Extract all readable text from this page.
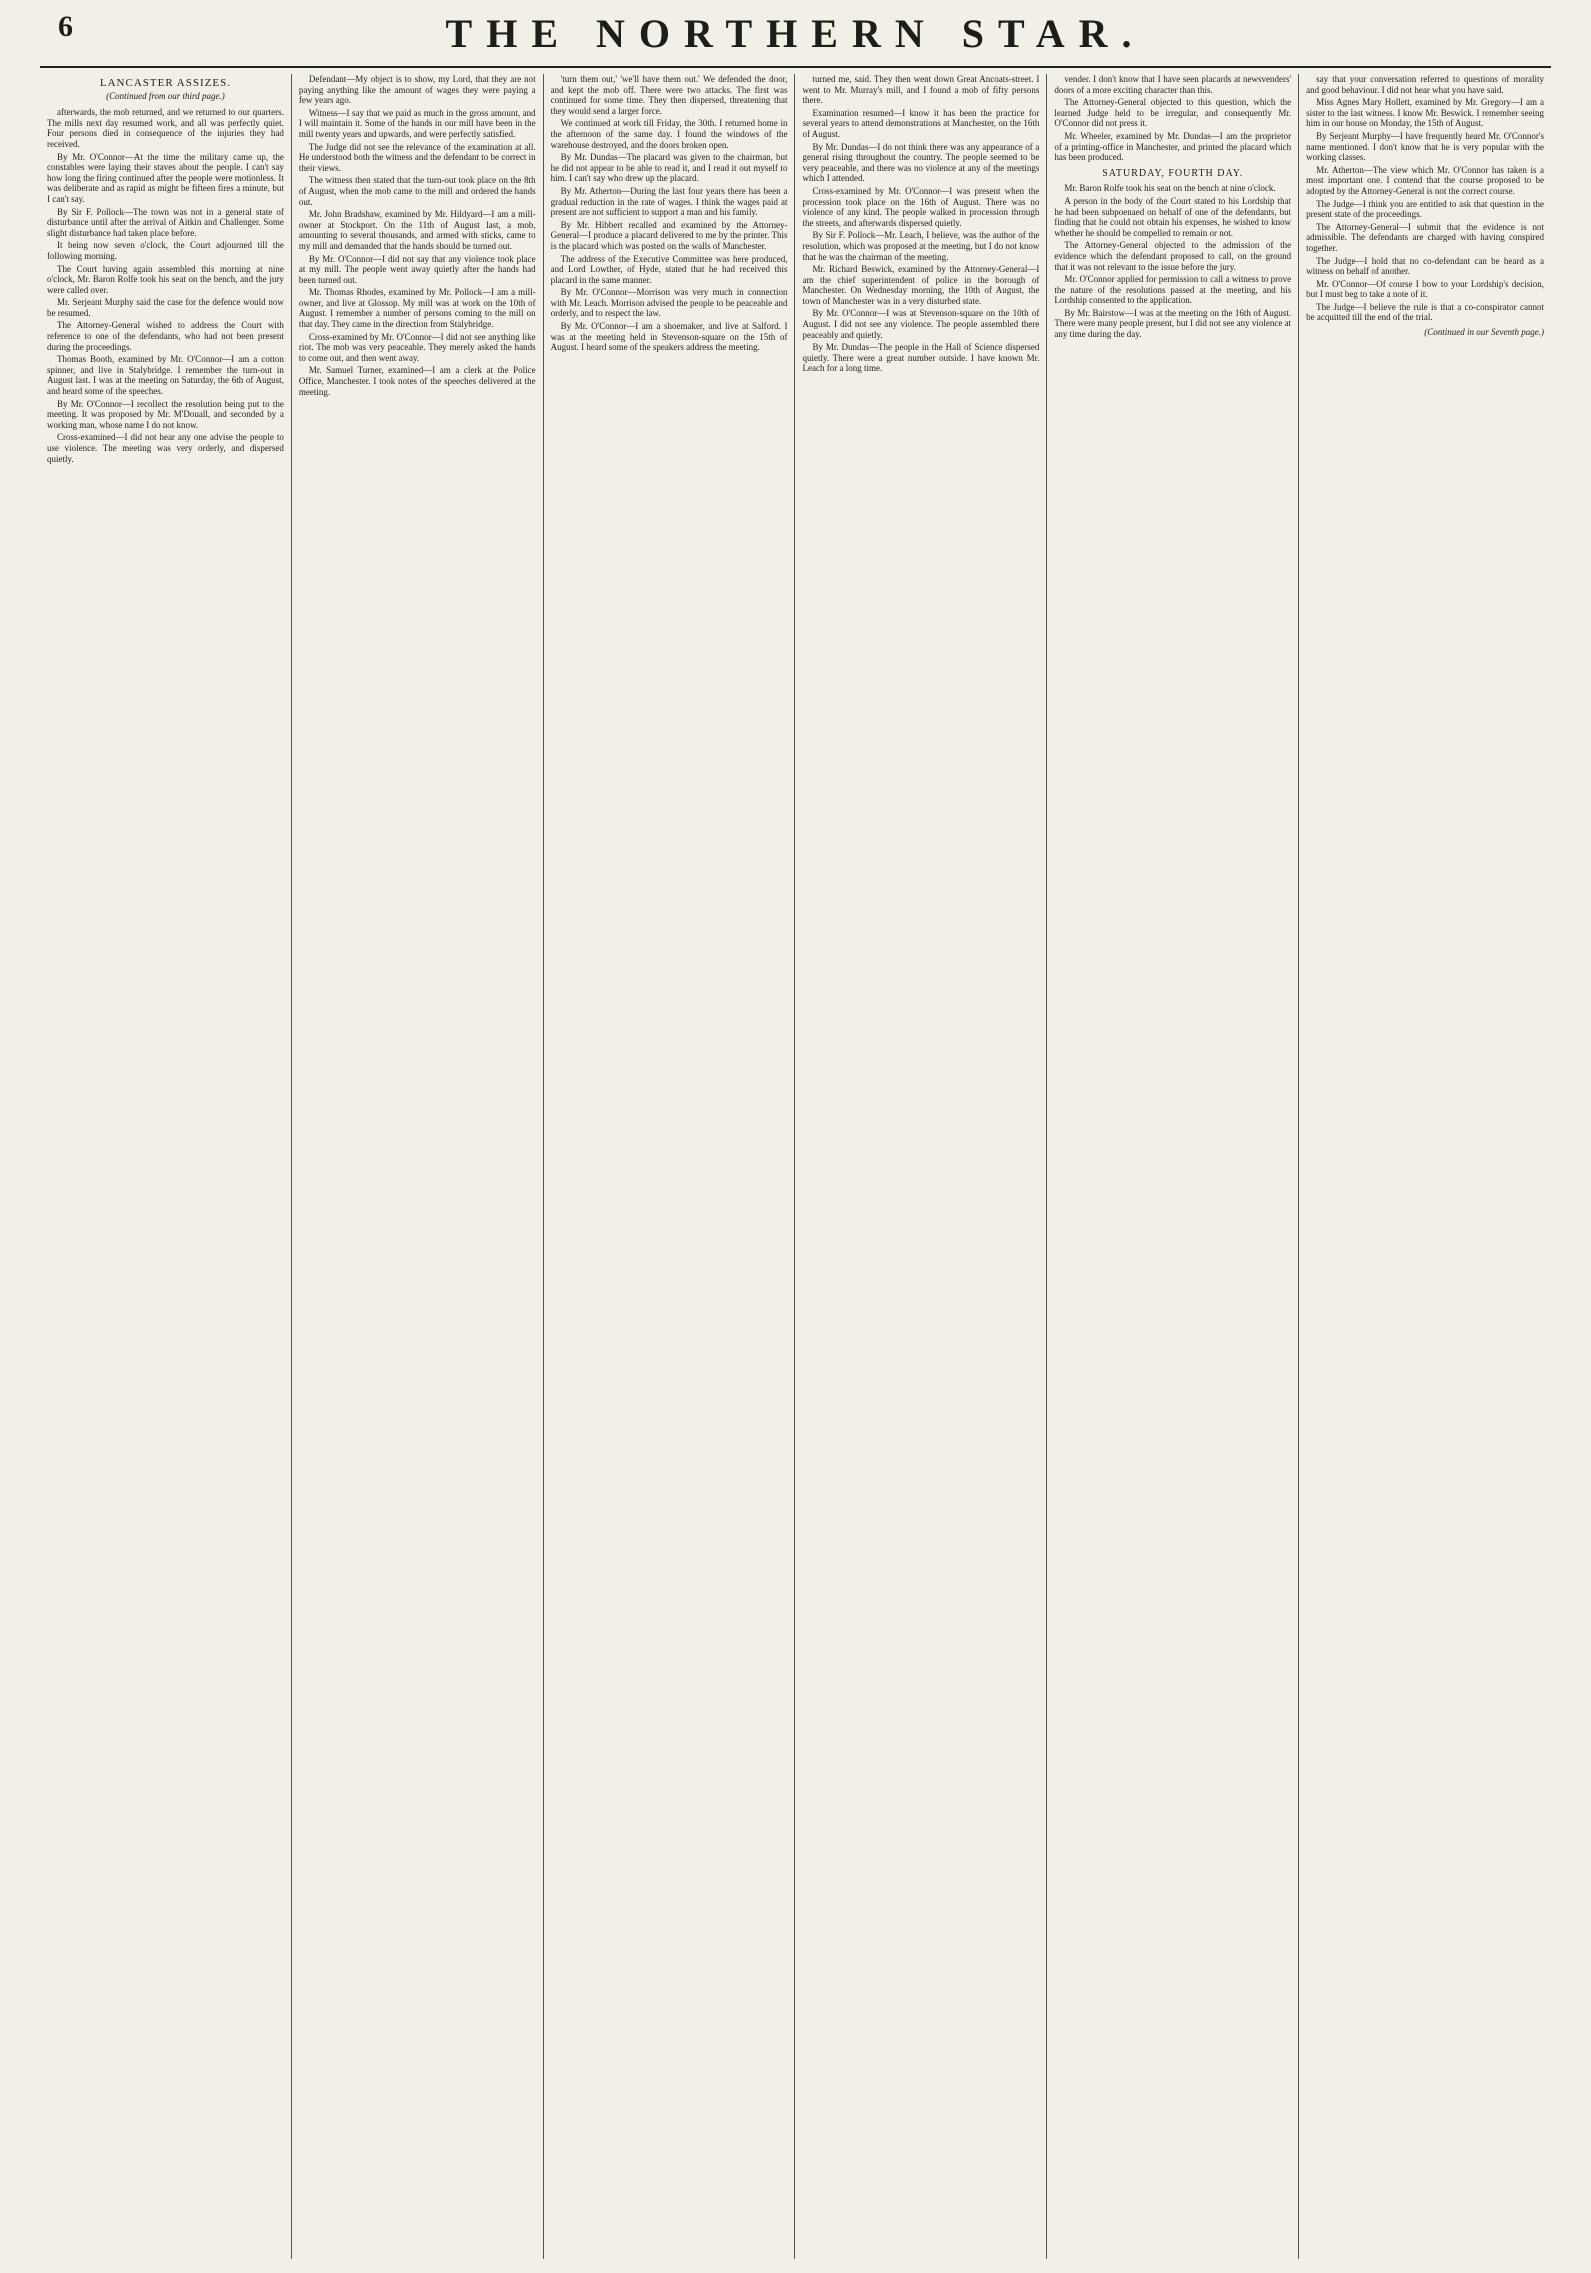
6	THE NORTHERN STAR.
LANCASTER ASSIZES.
(Continued from our third page.)

afterwards, the mob returned, and we returned to our quarters. The mills next day resumed work, and all was perfectly quiet. Four persons died in consequence of the injuries they had received.

By Mr. O'Connor—At the time the military came up, the constables were laying their staves about the people. I can't say how long the firing continued after the people were motionless. It was deliberate and as rapid as might be fifteen fires a minute, but I can't say.

By Sir F. Pollock—The town was not in a general state of disturbance until after the arrival of Aitkin and Challenger. Some slight disturbance had taken place before.

It being now seven o'clock, the Court adjourned till the following morning.

The Court having again assembled this morning at nine o'clock, Mr. Baron Rolfe took his seat on the bench, and the jury were called over.

Mr. Serjeant Murphy said the case for the defence would now be resumed.

The Attorney-General wished to address the Court with reference to one of the defendants, who had not been present during the proceedings.

Thomas Booth, examined by Mr. O'Connor—I am a cotton spinner, and live in Stalybridge. I remember the turn-out in August last. I was at the meeting on Saturday, the 6th of August, and heard some of the speeches.

By Mr. O'Connor—I recollect the resolution being put to the meeting. It was proposed by Mr. M'Douall, and seconded by a working man, whose name I do not know.

Cross-examined—I did not hear any one advise the people to use violence. The meeting was very orderly, and dispersed quietly.

Defendant—My object is to show, my Lord, that they are not paying anything like the amount of wages they were paying a few years ago.

Witness—I say that we paid as much in the gross amount, and I will maintain it. Some of the hands in our mill have been in the mill twenty years and upwards, and were perfectly satisfied.

The Judge did not see the relevance of the examination at all. He understood both the witness and the defendant to be correct in their views.

The witness then stated that the turn-out took place on the 8th of August, when the mob came to the mill and ordered the hands out.

Mr. John Bradshaw, examined by Mr. Hildyard—I am a mill-owner at Stockport. On the 11th of August last, a mob, amounting to several thousands, and armed with sticks, came to my mill and demanded that the hands should be turned out.

By Mr. O'Connor—I did not say that any violence took place at my mill. The people went away quietly after the hands had been turned out.

Mr. Thomas Rhodes, examined by Mr. Pollock—I am a mill-owner, and live at Glossop. My mill was at work on the 10th of August. I remember a number of persons coming to the mill on that day. They came in the direction from Stalybridge.

Cross-examined by Mr. O'Connor—I did not see anything like riot. The mob was very peaceable. They merely asked the hands to come out, and then went away.

Mr. Samuel Turner, examined—I am a clerk at the Police Office, Manchester. I took notes of the speeches delivered at the meeting.

'turn them out,' 'we'll have them out.' We defended the door, and kept the mob off. There were two attacks. The first was continued for some time. They then dispersed, threatening that they would send a larger force.

We continued at work till Friday, the 30th. I returned home in the afternoon of the same day. I found the windows of the warehouse destroyed, and the doors broken open.

By Mr. Dundas—The placard was given to the chairman, but he did not appear to be able to read it, and I read it out myself to him. I can't say who drew up the placard.

By Mr. Atherton—During the last four years there has been a gradual reduction in the rate of wages. I think the wages paid at present are not sufficient to support a man and his family.

By Mr. Hibbert recalled and examined by the Attorney-General—I produce a placard delivered to me by the printer. This is the placard which was posted on the walls of Manchester.

The address of the Executive Committee was here produced, and Lord Lowther, of Hyde, stated that he had received this placard in the same manner.

By Mr. O'Connor—Morrison was very much in connection with Mr. Leach. Morrison advised the people to be peaceable and orderly, and to respect the law.

By Mr. O'Connor—I am a shoemaker, and live at Salford. I was at the meeting held in Stevenson-square on the 15th of August. I heard some of the speakers address the meeting.

turned me, said. They then went down Great Ancoats-street. I went to Mr. Murray's mill, and I found a mob of fifty persons there.

Examination resumed—I know it has been the practice for several years to attend demonstrations at Manchester, on the 16th of August.

By Mr. Dundas—I do not think there was any appearance of a general rising throughout the country. The people seemed to be very peaceable, and there was no violence at any of the meetings which I attended.

Cross-examined by Mr. O'Connor—I was present when the procession took place on the 16th of August. There was no violence of any kind. The people walked in procession through the streets, and afterwards dispersed quietly.

By Sir F. Pollock—Mr. Leach, I believe, was the author of the resolution, which was proposed at the meeting, but I do not know that he was the chairman of the meeting.

Mr. Richard Beswick, examined by the Attorney-General—I am the chief superintendent of police in the borough of Manchester. On Wednesday morning, the 10th of August, the town of Manchester was in a very disturbed state.

By Mr. O'Connor—I was at Stevenson-square on the 10th of August. I did not see any violence. The people assembled there peaceably and quietly.

By Mr. Dundas—The people in the Hall of Science dispersed quietly. There were a great number outside. I have known Mr. Leach for a long time.

vender. I don't know that I have seen placards at newsvenders' doors of a more exciting character than this.

The Attorney-General objected to this question, which the learned Judge held to be irregular, and consequently Mr. O'Connor did not press it.

Mr. Wheeler, examined by Mr. Dundas—I am the proprietor of a printing-office in Manchester, and printed the placard which has been produced.

SATURDAY, FOURTH DAY.

Mr. Baron Rolfe took his seat on the bench at nine o'clock.

A person in the body of the Court stated to his Lordship that he had been subpoenaed on behalf of one of the defendants, but finding that he could not obtain his expenses, he wished to know whether he should be compelled to remain or not.

The Attorney-General objected to the admission of the evidence which the defendant proposed to call, on the ground that it was not relevant to the issue before the jury.

Mr. O'Connor applied for permission to call a witness to prove the nature of the resolutions passed at the meeting, and his Lordship consented to the application.

By Mr. Bairstow—I was at the meeting on the 16th of August. There were many people present, but I did not see any violence at any time during the day.

say that your conversation referred to questions of morality and good behaviour. I did not hear what you have said.

Miss Agnes Mary Hollett, examined by Mr. Gregory—I am a sister to the last witness. I know Mr. Beswick. I remember seeing him in our house on Monday, the 15th of August.

By Serjeant Murphy—I have frequently heard Mr. O'Connor's name mentioned. I don't know that he is very popular with the working classes.

Mr. Atherton—The view which Mr. O'Connor has taken is a most important one. I contend that the course proposed to be adopted by the Attorney-General is not the correct course.

The Judge—I think you are entitled to ask that question in the present state of the proceedings.

The Attorney-General—I submit that the evidence is not admissible. The defendants are charged with having conspired together.

The Judge—I hold that no co-defendant can be heard as a witness on behalf of another.

Mr. O'Connor—Of course I bow to your Lordship's decision, but I must beg to take a note of it.

The Judge—I believe the rule is that a co-conspirator cannot be acquitted till the end of the trial.

(Continued in our Seventh page.)
